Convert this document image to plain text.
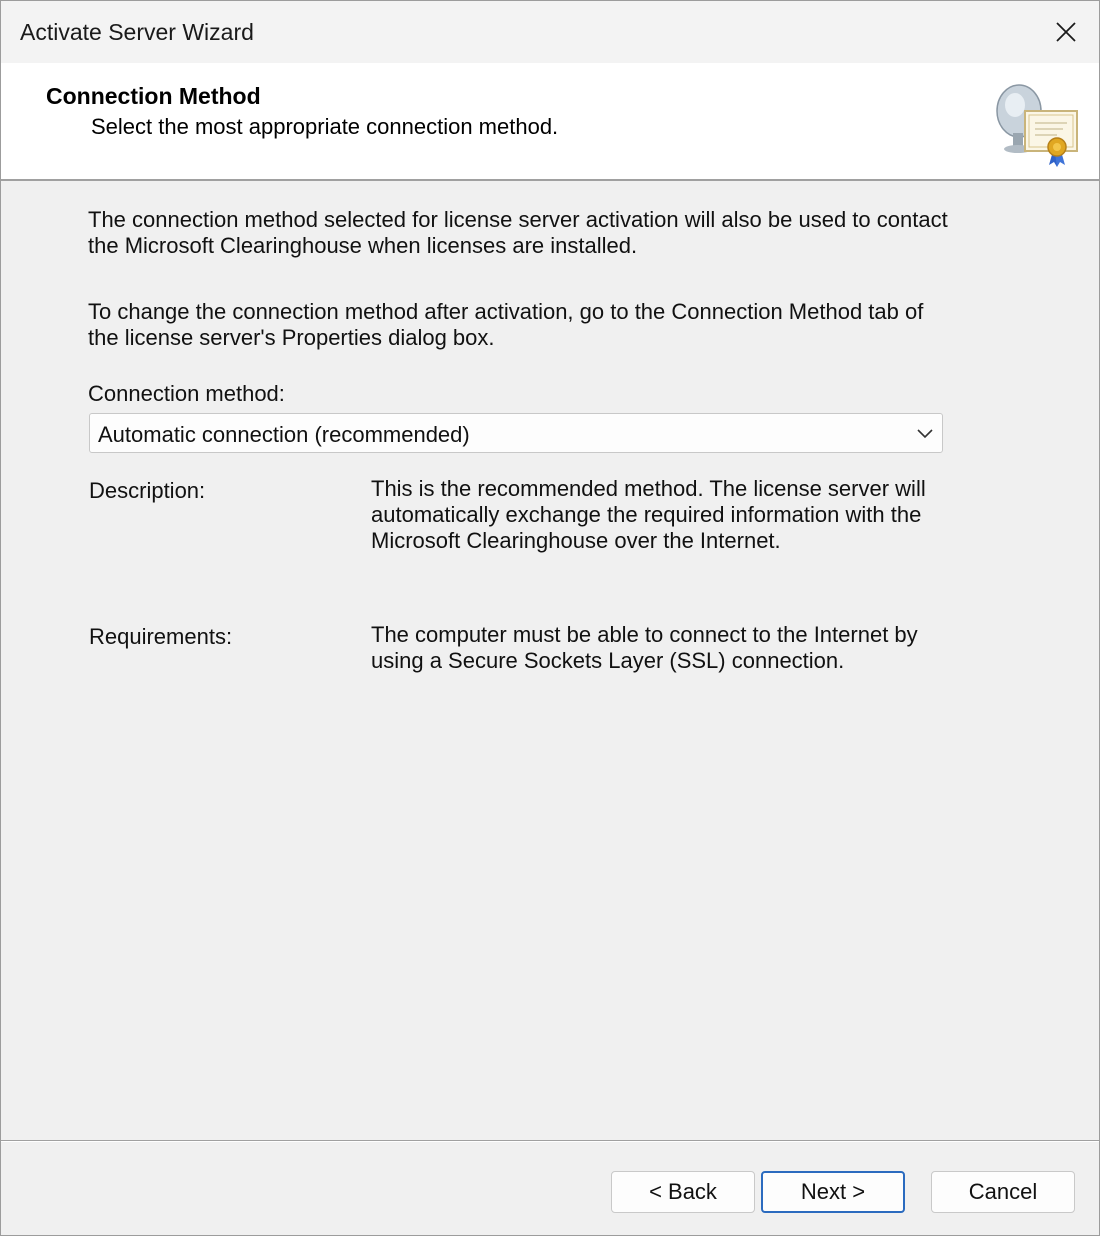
Activate Server Wizard
Connection Method
Select the most appropriate connection method.
The connection method selected for license server activation will also be used to contact
the Microsoft Clearinghouse when licenses are installed.
To change the connection method after activation, go to the Connection Method tab of
the license server's Properties dialog box.
Connection method:
Automatic connection (recommended)
Description:	This is the recommended method. The license server will automatically exchange the required information with the Microsoft Clearinghouse over the Internet.
Requirements:	The computer must be able to connect to the Internet by using a Secure Sockets Layer (SSL) connection.
< Back	Next >	Cancel
